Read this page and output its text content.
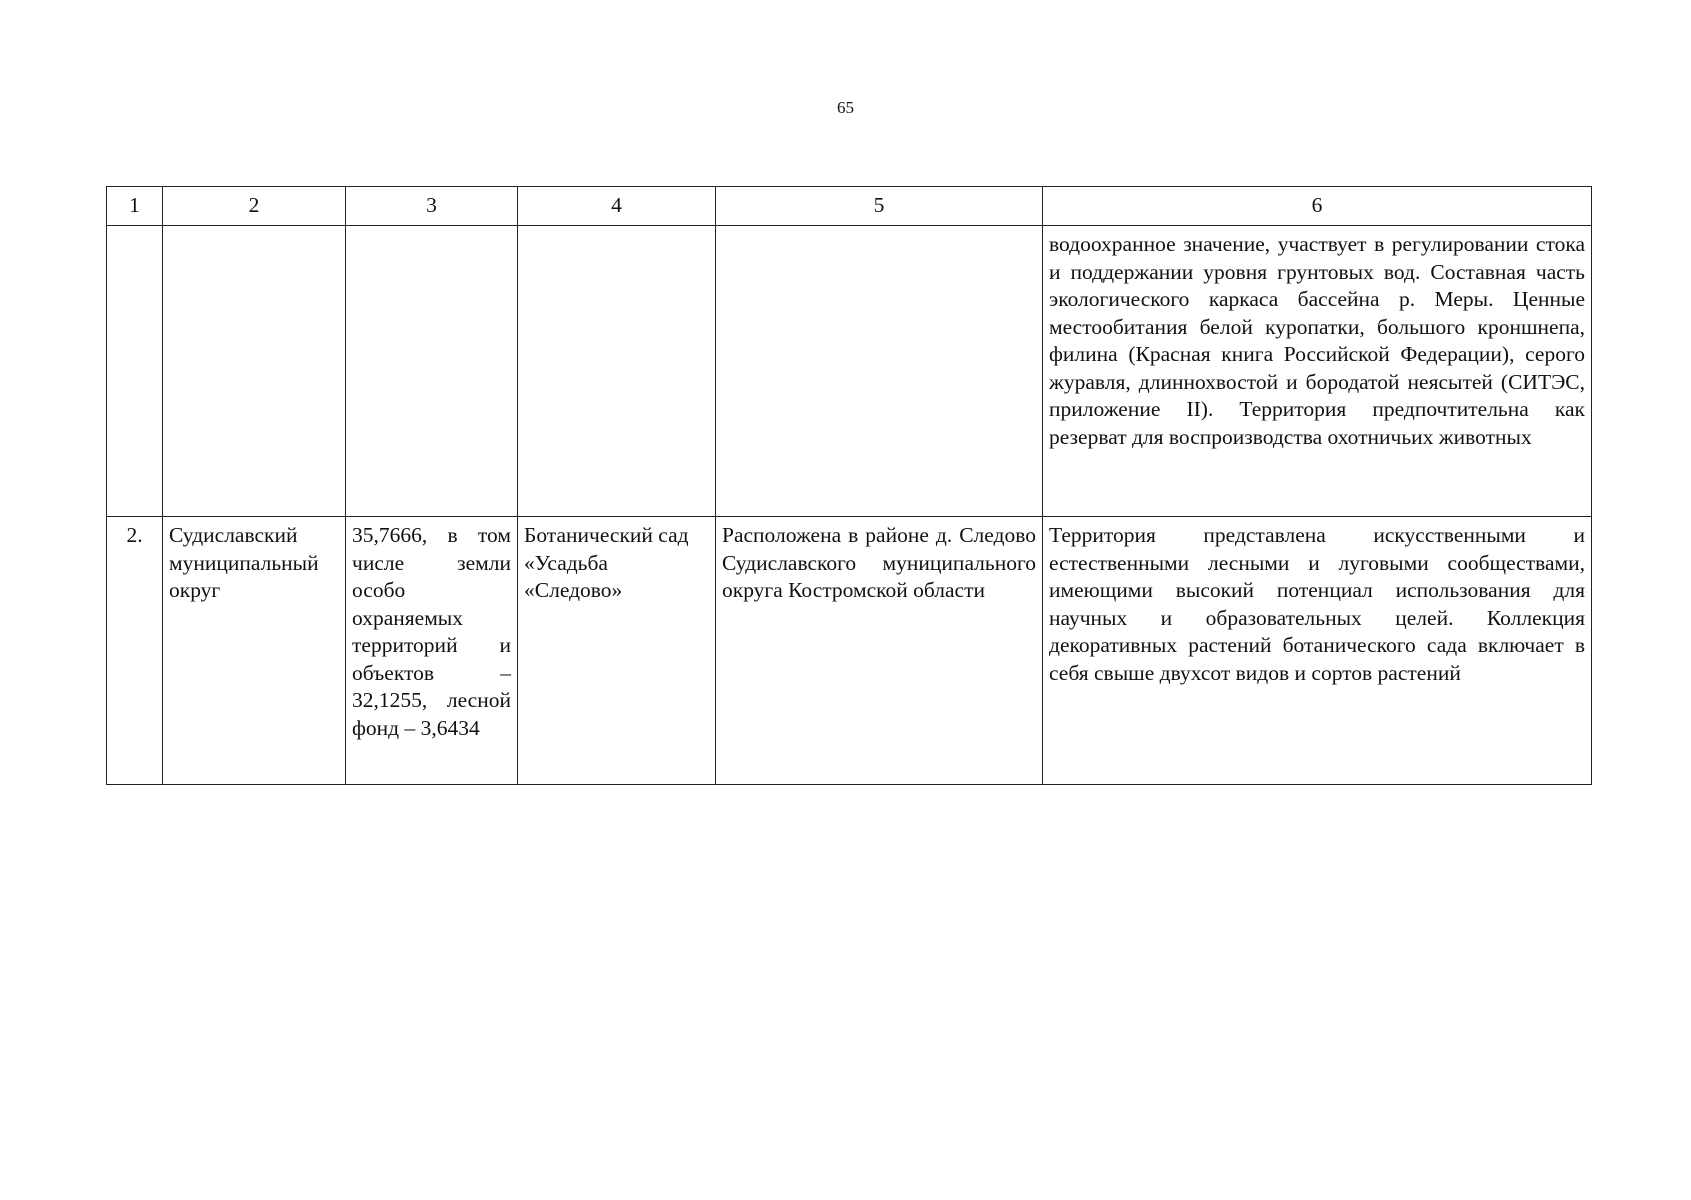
65
1	2	3	4	5	6
					водоохранное значение, участвует в регулировании стока и поддержании уровня грунтовых вод. Составная часть экологического каркаса бассейна р. Меры. Ценные местообитания белой куропатки, большого кроншнепа, филина (Красная книга Российской Федерации), серого журавля, длиннохвостой и бородатой неясытей (СИТЭС, приложение II). Территория предпочтительна как резерват для воспроизводства охотничьих животных
2.	Судиславский муниципальный округ	35,7666, в том числе земли особо охраняемых территорий и объектов – 32,1255, лесной фонд – 3,6434	Ботанический сад «Усадьба «Следово»	Расположена в районе д. Следово Судиславского муниципального округа Костромской области	Территория представлена искусственными и естественными лесными и луговыми сообществами, имеющими высокий потенциал использования для научных и образовательных целей. Коллекция декоративных растений ботанического сада включает в себя свыше двухсот видов и сортов растений
